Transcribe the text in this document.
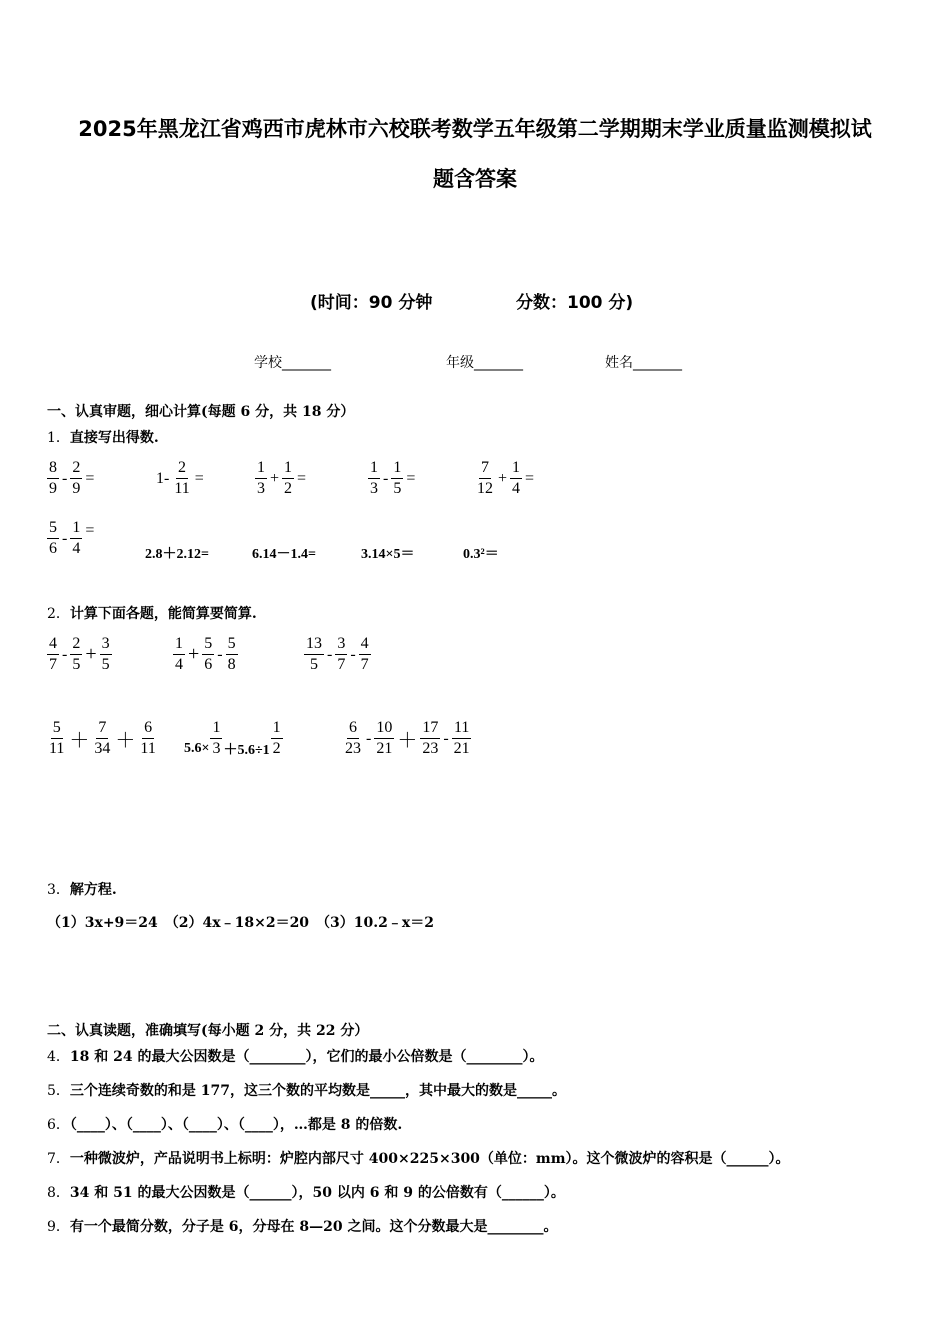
2025年黑龙江省鸡西市虎林市六校联考数学五年级第二学期期末学业质量监测模拟试
题含答案
(时间：90 分钟	分数：100 分)
学校_______	年级_______	姓名_______
一、认真审题，细心计算(每题 6 分，共 18 分）
1．直接写出得数.
$\frac{8}{9} - \frac{2}{9}$ =	$1- \frac{2}{11}$ =	$\frac{1}{3} + \frac{1}{2}$ =	$\frac{1}{3} - \frac{1}{5}$ =	$\frac{7}{12} + \frac{1}{4}$ =
$\frac{5}{6} - \frac{1}{4}$ =
2.8＋2.12=	6.14－1.4=	3.14×5＝	0.3²＝
2．计算下面各题，能简算要简算.
$\frac{4}{7} - \frac{2}{5} + \frac{3}{5}$	$\frac{1}{4} + \frac{5}{6} - \frac{5}{8}$	$\frac{13}{5} - \frac{3}{7} - \frac{4}{7}$
$\frac{5}{11} + \frac{7}{34} + \frac{6}{11} 5.6\times \frac{1}{3} +5.6\div 1 \frac{1}{2}$	$\frac{6}{23} - \frac{10}{21} + \frac{17}{23} - \frac{11}{21}$
3．解方程.
（1）3x+9＝24　（2）4x﹣18×2＝20　（3）10.2﹣x＝2
二、认真读题，准确填写(每小题 2 分，共 22 分）
4．18 和 24 的最大公因数是（________），它们的最小公倍数是（________）。
5．三个连续奇数的和是 177，这三个数的平均数是_____，其中最大的数是_____。
6．（____）、（____）、（____）、（____），…都是 8 的倍数.
7．一种微波炉，产品说明书上标明：炉腔内部尺寸 400×225×300（单位：mm）。这个微波炉的容积是（______）。
8．34 和 51 的最大公因数是（______），50 以内 6 和 9 的公倍数有（______）。
9．有一个最简分数，分子是 6，分母在 8—20 之间。这个分数最大是________。
